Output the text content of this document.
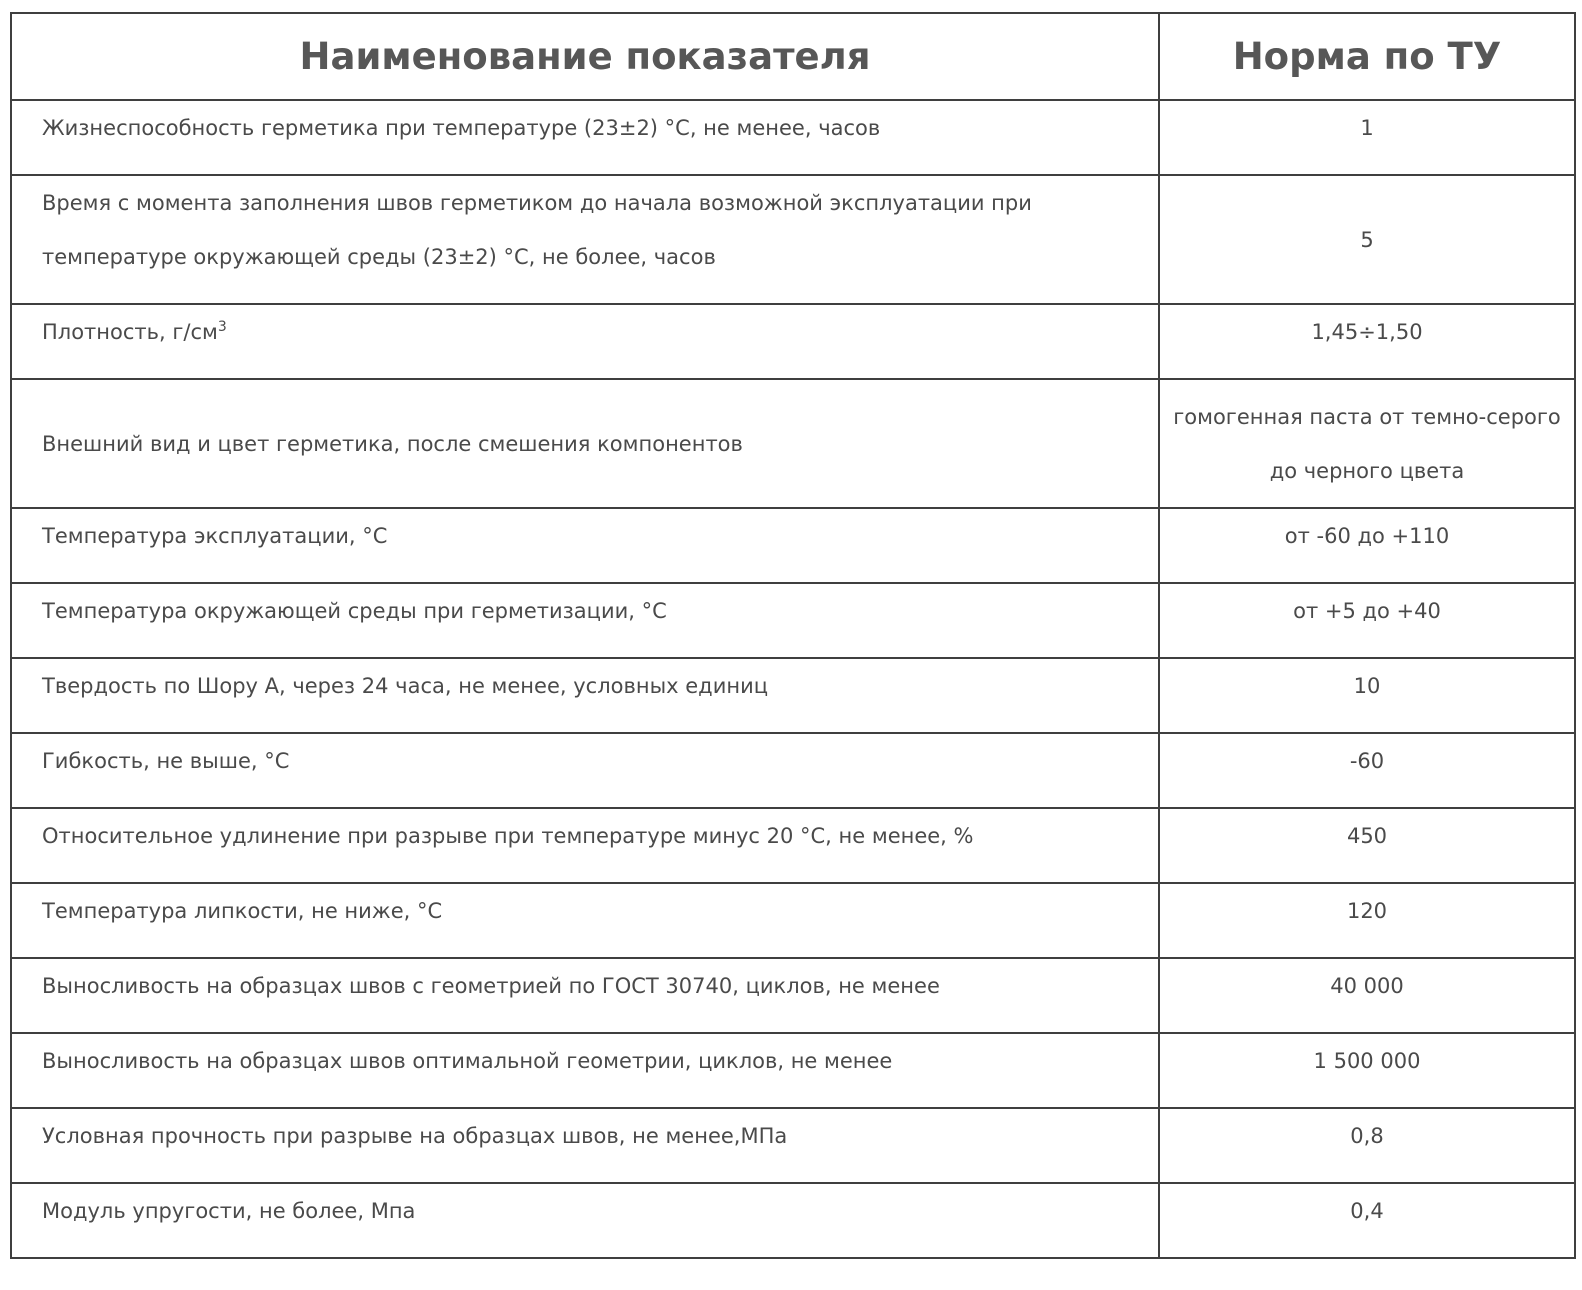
Наименование показателя	Норма по ТУ
Жизнеспособность герметика при температуре (23±2) °С, не менее, часов	1
Время с момента заполнения швов герметиком до начала возможной эксплуатации при температуре окружающей среды (23±2) °С, не более, часов	5
Плотность, $г/см^3$	1,45÷1,50
Внешний вид и цвет герметика, после смешения компонентов	гомогенная паста от темно-серого до черного цвета
Температура эксплуатации, °С	от -60 до +110
Температура окружающей среды при герметизации, °С	от +5 до +40
Твердость по Шору А, через 24 часа, не менее, условных единиц	10
Гибкость, не выше, °С	-60
Относительное удлинение при разрыве при температуре минус 20 °С, не менее, %	450
Температура липкости, не ниже, °С	120
Выносливость на образцах швов с геометрией по ГОСТ 30740, циклов, не менее	40 000
Выносливость на образцах швов оптимальной геометрии, циклов, не менее	1 500 000
Условная прочность при разрыве на образцах швов, не менее,МПа	0,8
Модуль упругости, не более, Мпа	0,4
